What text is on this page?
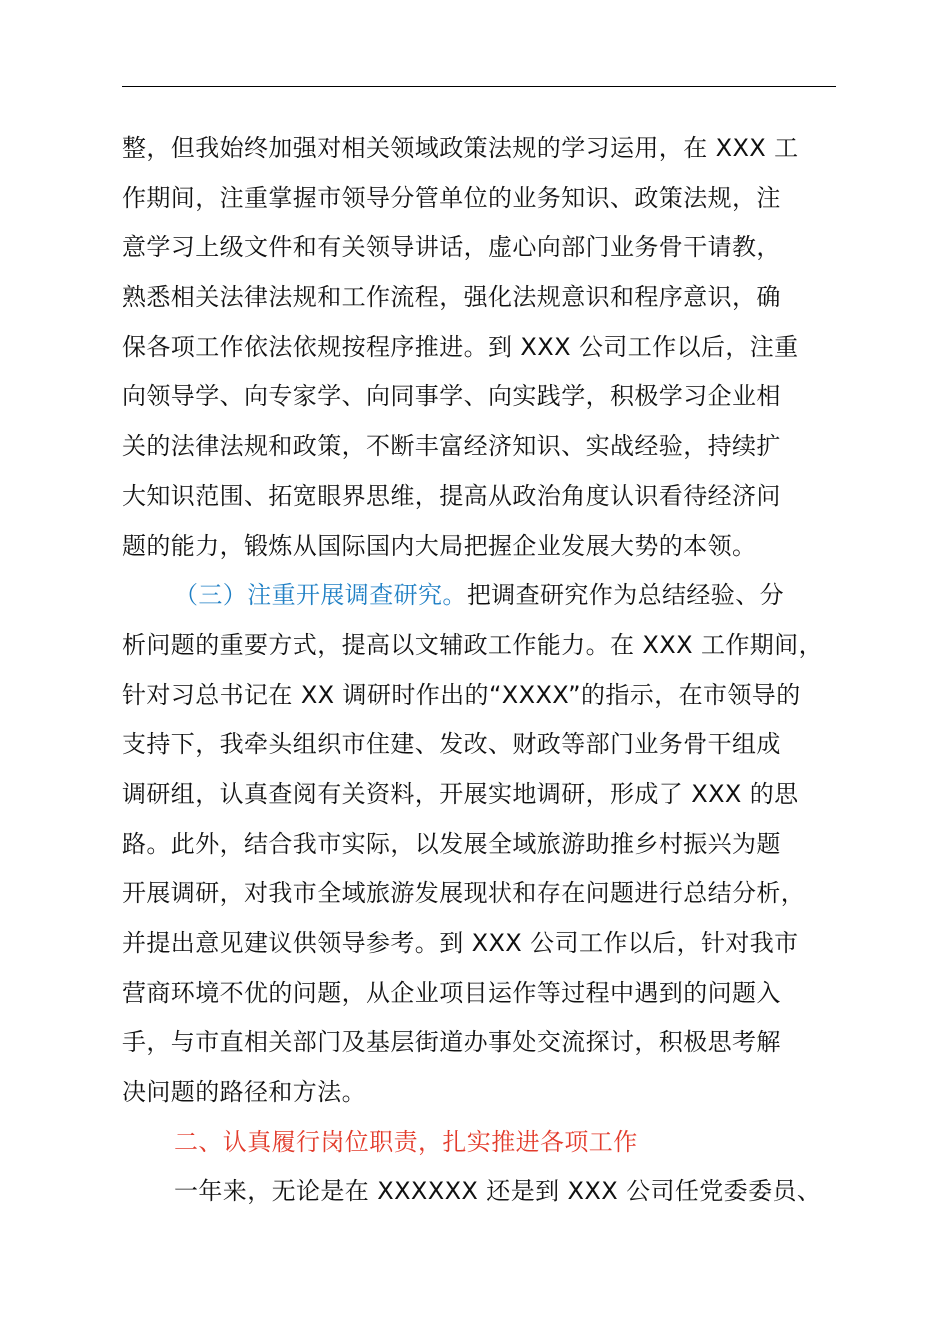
整，但我始终加强对相关领域政策法规的学习运用，在 XXX 工
作期间，注重掌握市领导分管单位的业务知识、政策法规，注
意学习上级文件和有关领导讲话，虚心向部门业务骨干请教，
熟悉相关法律法规和工作流程，强化法规意识和程序意识，确
保各项工作依法依规按程序推进。到 XXX 公司工作以后，注重
向领导学、向专家学、向同事学、向实践学，积极学习企业相
关的法律法规和政策，不断丰富经济知识、实战经验，持续扩
大知识范围、拓宽眼界思维，提高从政治角度认识看待经济问
题的能力，锻炼从国际国内大局把握企业发展大势的本领。
（三）注重开展调查研究。把调查研究作为总结经验、分
析问题的重要方式，提高以文辅政工作能力。在 XXX 工作期间，
针对习总书记在 XX 调研时作出的“XXXX”的指示，在市领导的
支持下，我牵头组织市住建、发改、财政等部门业务骨干组成
调研组，认真查阅有关资料，开展实地调研，形成了 XXX 的思
路。此外，结合我市实际，以发展全域旅游助推乡村振兴为题
开展调研，对我市全域旅游发展现状和存在问题进行总结分析，
并提出意见建议供领导参考。到 XXX 公司工作以后，针对我市
营商环境不优的问题，从企业项目运作等过程中遇到的问题入
手，与市直相关部门及基层街道办事处交流探讨，积极思考解
决问题的路径和方法。
二、认真履行岗位职责，扎实推进各项工作
一年来，无论是在 XXXXXX 还是到 XXX 公司任党委委员、
